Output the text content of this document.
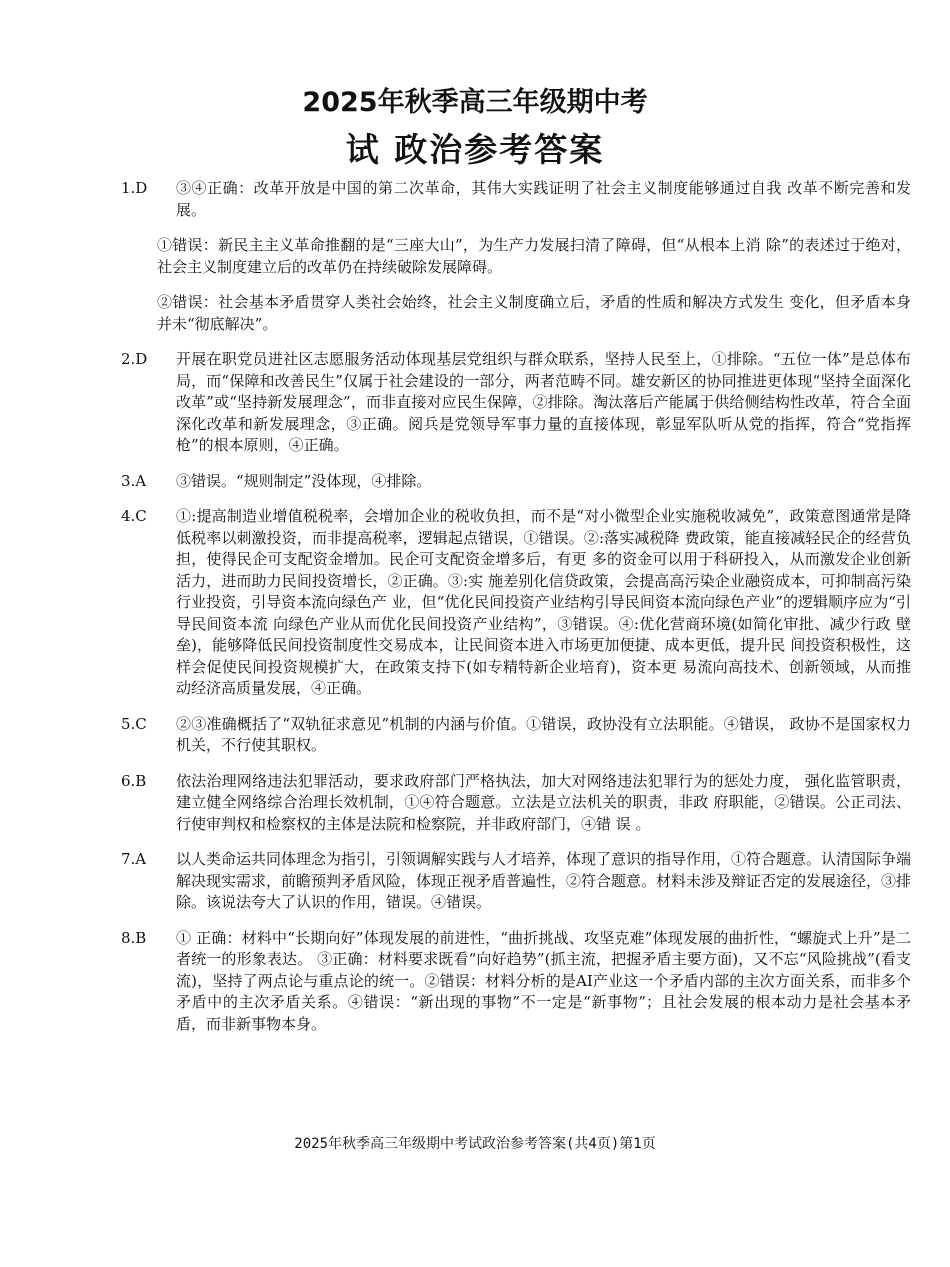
2025年秋季高三年级期中考
试 政治参考答案
1.D	③④正确：改革开放是中国的第二次革命，其伟大实践证明了社会主义制度能够通过自我 改革不断完善和发展。
①错误：新民主主义革命推翻的是“三座大山”，为生产力发展扫清了障碍，但“从根本上消 除”的表述过于绝对，社会主义制度建立后的改革仍在持续破除发展障碍。
②错误：社会基本矛盾贯穿人类社会始终，社会主义制度确立后，矛盾的性质和解决方式发生 变化，但矛盾本身并未“彻底解决”。
2.D	开展在职党员进社区志愿服务活动体现基层党组织与群众联系，坚持人民至上，①排除。“五位一体”是总体布局，而“保障和改善民生”仅属于社会建设的一部分，两者范畴不同。雄安新区的协同推进更体现“坚持全面深化改革”或“坚持新发展理念”，而非直接对应民生保障，②排除。淘汰落后产能属于供给侧结构性改革，符合全面深化改革和新发展理念，③正确。阅兵是党领导军事力量的直接体现，彰显军队听从党的指挥，符合“党指挥枪”的根本原则，④正确。
3.A	③错误。“规则制定”没体现，④排除。
4.C	①:提高制造业增值税税率，会增加企业的税收负担，而不是“对小微型企业实施税收减免”，政策意图通常是降低税率以刺激投资，而非提高税率，逻辑起点错误，①错误。②:落实减税降 费政策，能直接减轻民企的经营负担，使得民企可支配资金增加。民企可支配资金增多后，有更 多的资金可以用于科研投入，从而激发企业创新活力，进而助力民间投资增长，②正确。③:实 施差别化信贷政策，会提高高污染企业融资成本，可抑制高污染行业投资，引导资本流向绿色产 业，但“优化民间投资产业结构引导民间资本流向绿色产业”的逻辑顺序应为“引导民间资本流 向绿色产业从而优化民间投资产业结构”，③错误。④:优化营商环境(如简化审批、减少行政 壁垒)，能够降低民间投资制度性交易成本，让民间资本进入市场更加便捷、成本更低，提升民 间投资积极性，这样会促使民间投资规模扩大，在政策支持下(如专精特新企业培育)，资本更 易流向高技术、创新领域，从而推动经济高质量发展，④正确。
5.C	②③准确概括了“双轨征求意见”机制的内涵与价值。①错误，政协没有立法职能。④错误， 政协不是国家权力机关，不行使其职权。
6.B	依法治理网络违法犯罪活动，要求政府部门严格执法，加大对网络违法犯罪行为的惩处力度， 强化监管职责，建立健全网络综合治理长效机制，①④符合题意。立法是立法机关的职责，非政 府职能，②错误。公正司法、行使审判权和检察权的主体是法院和检察院，并非政府部门，④错 误 。
7.A	以人类命运共同体理念为指引，引领调解实践与人才培养，体现了意识的指导作用，①符合题意。认清国际争端解决现实需求，前瞻预判矛盾风险，体现正视矛盾普遍性，②符合题意。材料未涉及辩证否定的发展途径，③排除。该说法夸大了认识的作用，错误。④错误。
8.B	① 正确：材料中“长期向好”体现发展的前进性，“曲折挑战、攻坚克难”体现发展的曲折性，“螺旋式上升”是二者统一的形象表达。 ③正确：材料要求既看“向好趋势”(抓主流，把握矛盾主要方面)，又不忘“风险挑战”(看支流)，坚持了两点论与重点论的统一。②错误：材料分析的是AI产业这一个矛盾内部的主次方面关系，而非多个矛盾中的主次矛盾关系。④错误：“新出现的事物”不一定是“新事物”；且社会发展的根本动力是社会基本矛盾，而非新事物本身。
2025年秋季高三年级期中考试政治参考答案(共4页)第1页
